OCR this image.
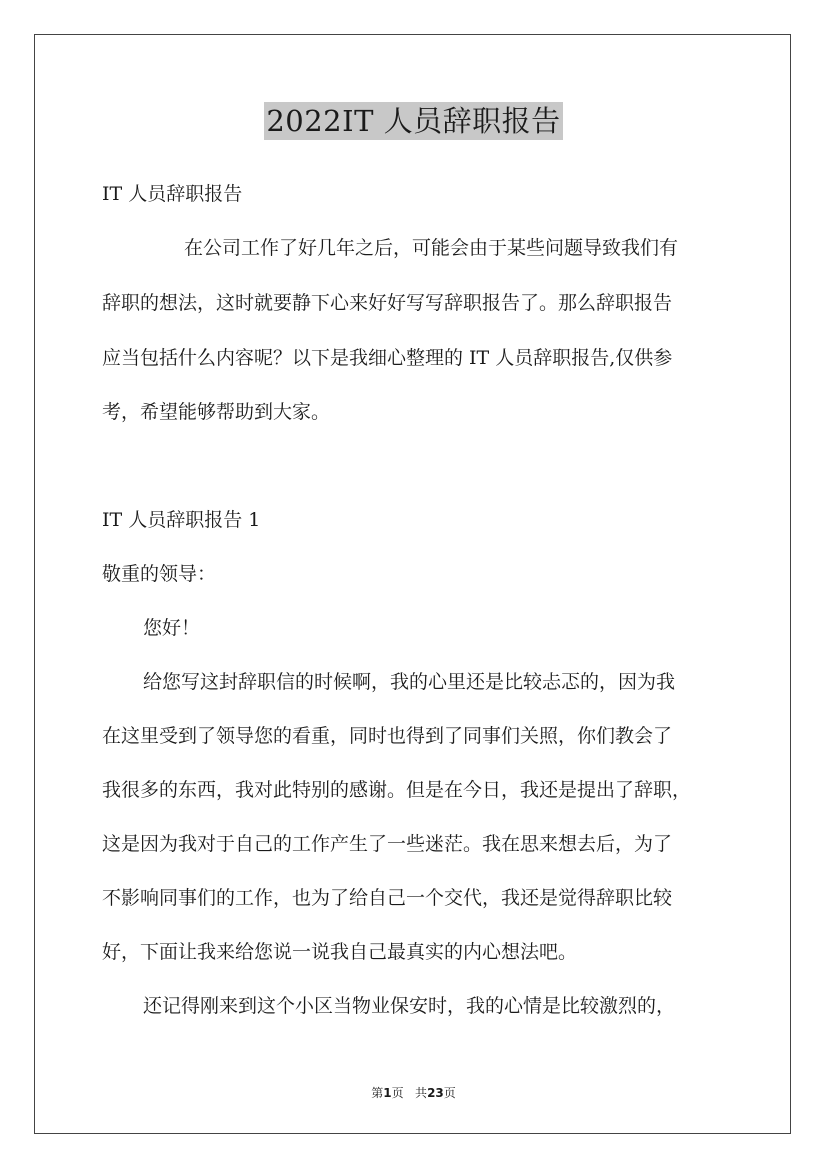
2022IT 人员辞职报告
IT 人员辞职报告
在公司工作了好几年之后，可能会由于某些问题导致我们有
辞职的想法，这时就要静下心来好好写写辞职报告了。那么辞职报告
应当包括什么内容呢？以下是我细心整理的 IT 人员辞职报告,仅供参
考，希望能够帮助到大家。
IT 人员辞职报告 1
敬重的领导：
您好！
给您写这封辞职信的时候啊，我的心里还是比较忐忑的，因为我
在这里受到了领导您的看重，同时也得到了同事们关照，你们教会了
我很多的东西，我对此特别的感谢。但是在今日，我还是提出了辞职，
这是因为我对于自己的工作产生了一些迷茫。我在思来想去后，为了
不影响同事们的工作，也为了给自己一个交代，我还是觉得辞职比较
好，下面让我来给您说一说我自己最真实的内心想法吧。
还记得刚来到这个小区当物业保安时，我的心情是比较激烈的，
第1页 共23页
